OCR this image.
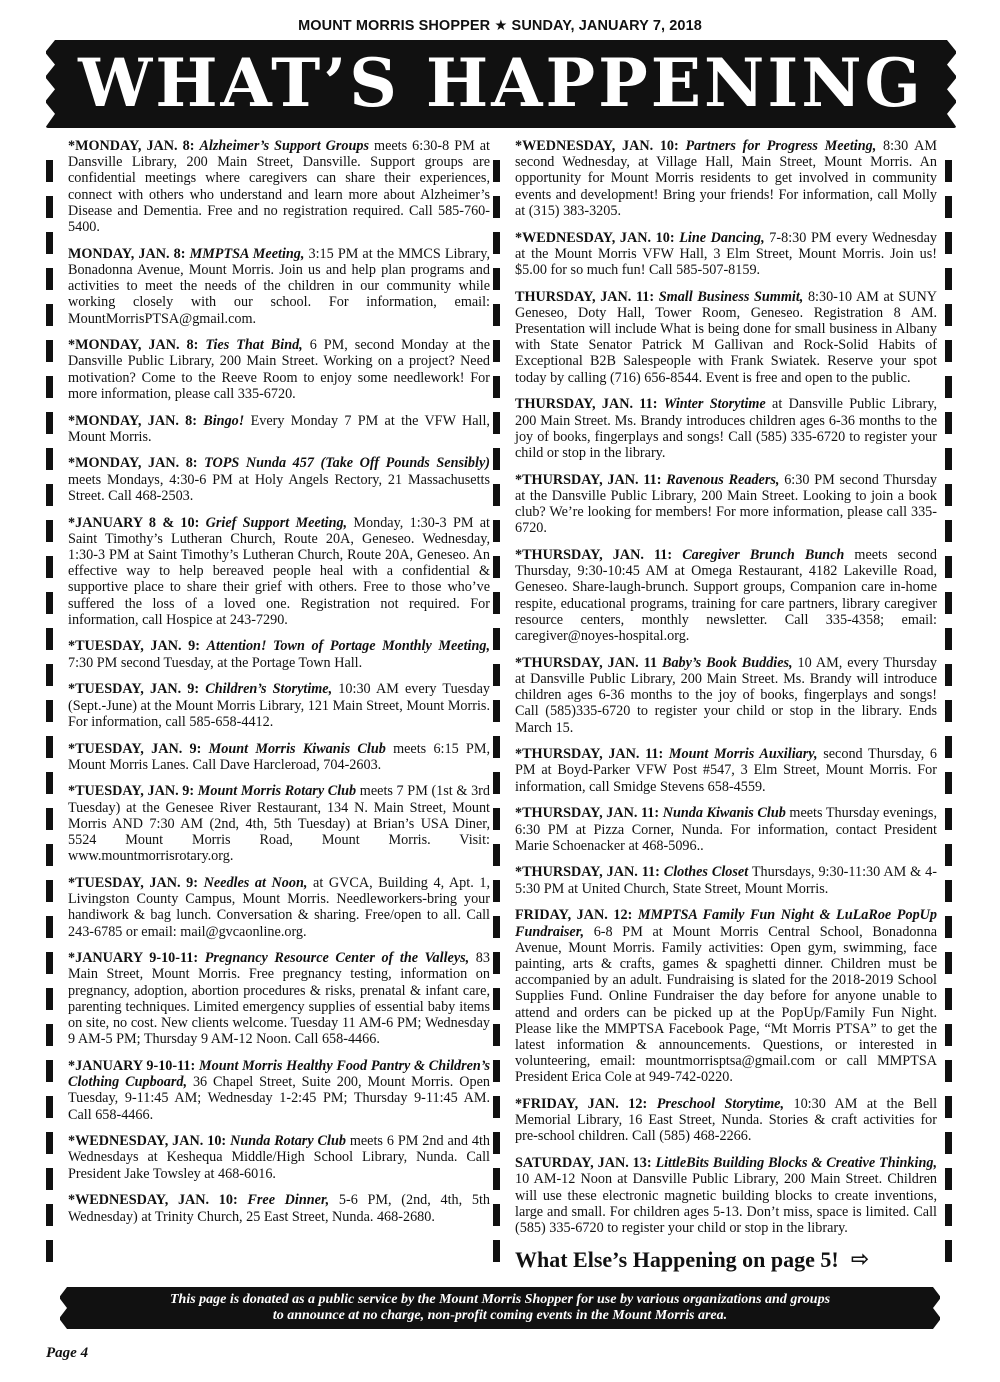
MOUNT MORRIS SHOPPER ★ SUNDAY, JANUARY 7, 2018
WHAT’S HAPPENING
*MONDAY, JAN. 8: Alzheimer’s Support Groups meets 6:30-8 PM at Dansville Library, 200 Main Street, Dansville. Support groups are confidential meetings where caregivers can share their experiences, connect with others who understand and learn more about Alzheimer’s Disease and Dementia. Free and no registration required. Call 585-760-5400.
MONDAY, JAN. 8: MMPTSA Meeting, 3:15 PM at the MMCS Library, Bonadonna Avenue, Mount Morris. Join us and help plan programs and activities to meet the needs of the children in our community while working closely with our school. For information, email: MountMorrisPTSA@gmail.com.
*MONDAY, JAN. 8: Ties That Bind, 6 PM, second Monday at the Dansville Public Library, 200 Main Street. Working on a project? Need motivation? Come to the Reeve Room to enjoy some needlework! For more information, please call 335-6720.
*MONDAY, JAN. 8: Bingo! Every Monday 7 PM at the VFW Hall, Mount Morris.
*MONDAY, JAN. 8: TOPS Nunda 457 (Take Off Pounds Sensibly) meets Mondays, 4:30-6 PM at Holy Angels Rectory, 21 Massachusetts Street. Call 468-2503.
*JANUARY 8 & 10: Grief Support Meeting, Monday, 1:30-3 PM at Saint Timothy’s Lutheran Church, Route 20A, Geneseo. Wednesday, 1:30-3 PM at Saint Timothy’s Lutheran Church, Route 20A, Geneseo. An effective way to help bereaved people heal with a confidential & supportive place to share their grief with others. Free to those who’ve suffered the loss of a loved one. Registration not required. For information, call Hospice at 243-7290.
*TUESDAY, JAN. 9: Attention! Town of Portage Monthly Meeting, 7:30 PM second Tuesday, at the Portage Town Hall.
*TUESDAY, JAN. 9: Children’s Storytime, 10:30 AM every Tuesday (Sept.-June) at the Mount Morris Library, 121 Main Street, Mount Morris. For information, call 585-658-4412.
*TUESDAY, JAN. 9: Mount Morris Kiwanis Club meets 6:15 PM, Mount Morris Lanes. Call Dave Harcleroad, 704-2603.
*TUESDAY, JAN. 9: Mount Morris Rotary Club meets 7 PM (1st & 3rd Tuesday) at the Genesee River Restaurant, 134 N. Main Street, Mount Morris AND 7:30 AM (2nd, 4th, 5th Tuesday) at Brian’s USA Diner, 5524 Mount Morris Road, Mount Morris. Visit: www.mountmorrisrotary.org.
*TUESDAY, JAN. 9: Needles at Noon, at GVCA, Building 4, Apt. 1, Livingston County Campus, Mount Morris. Needleworkers-bring your handiwork & bag lunch. Conversation & sharing. Free/open to all. Call 243-6785 or email: mail@gvcaonline.org.
*JANUARY 9-10-11: Pregnancy Resource Center of the Valleys, 83 Main Street, Mount Morris. Free pregnancy testing, information on pregnancy, adoption, abortion procedures & risks, prenatal & infant care, parenting techniques. Limited emergency supplies of essential baby items on site, no cost. New clients welcome. Tuesday 11 AM-6 PM; Wednesday 9 AM-5 PM; Thursday 9 AM-12 Noon. Call 658-4466.
*JANUARY 9-10-11: Mount Morris Healthy Food Pantry & Children’s Clothing Cupboard, 36 Chapel Street, Suite 200, Mount Morris. Open Tuesday, 9-11:45 AM; Wednesday 1-2:45 PM; Thursday 9-11:45 AM. Call 658-4466.
*WEDNESDAY, JAN. 10: Nunda Rotary Club meets 6 PM 2nd and 4th Wednesdays at Keshequa Middle/High School Library, Nunda. Call President Jake Towsley at 468-6016.
*WEDNESDAY, JAN. 10: Free Dinner, 5-6 PM, (2nd, 4th, 5th Wednesday) at Trinity Church, 25 East Street, Nunda. 468-2680.
*WEDNESDAY, JAN. 10: Partners for Progress Meeting, 8:30 AM second Wednesday, at Village Hall, Main Street, Mount Morris. An opportunity for Mount Morris residents to get involved in community events and development! Bring your friends! For information, call Molly at (315) 383-3205.
*WEDNESDAY, JAN. 10: Line Dancing, 7-8:30 PM every Wednesday at the Mount Morris VFW Hall, 3 Elm Street, Mount Morris. Join us! $5.00 for so much fun! Call 585-507-8159.
THURSDAY, JAN. 11: Small Business Summit, 8:30-10 AM at SUNY Geneseo, Doty Hall, Tower Room, Geneseo. Registration 8 AM. Presentation will include What is being done for small business in Albany with State Senator Patrick M Gallivan and Rock-Solid Habits of Exceptional B2B Salespeople with Frank Swiatek. Reserve your spot today by calling (716) 656-8544. Event is free and open to the public.
THURSDAY, JAN. 11: Winter Storytime at Dansville Public Library, 200 Main Street. Ms. Brandy introduces children ages 6-36 months to the joy of books, fingerplays and songs! Call (585) 335-6720 to register your child or stop in the library.
*THURSDAY, JAN. 11: Ravenous Readers, 6:30 PM second Thursday at the Dansville Public Library, 200 Main Street. Looking to join a book club? We’re looking for members! For more information, please call 335-6720.
*THURSDAY, JAN. 11: Caregiver Brunch Bunch meets second Thursday, 9:30-10:45 AM at Omega Restaurant, 4182 Lakeville Road, Geneseo. Share-laugh-brunch. Support groups, Companion care in-home respite, educational programs, training for care partners, library caregiver resource centers, monthly newsletter. Call 335-4358; email: caregiver@noyes-hospital.org.
*THURSDAY, JAN. 11 Baby’s Book Buddies, 10 AM, every Thursday at Dansville Public Library, 200 Main Street. Ms. Brandy will introduce children ages 6-36 months to the joy of books, fingerplays and songs! Call (585)335-6720 to register your child or stop in the library. Ends March 15.
*THURSDAY, JAN. 11: Mount Morris Auxiliary, second Thursday, 6 PM at Boyd-Parker VFW Post #547, 3 Elm Street, Mount Morris. For information, call Smidge Stevens 658-4559.
*THURSDAY, JAN. 11: Nunda Kiwanis Club meets Thursday evenings, 6:30 PM at Pizza Corner, Nunda. For information, contact President Marie Schoenacker at 468-5096..
*THURSDAY, JAN. 11: Clothes Closet Thursdays, 9:30-11:30 AM & 4-5:30 PM at United Church, State Street, Mount Morris.
FRIDAY, JAN. 12: MMPTSA Family Fun Night & LuLaRoe PopUp Fundraiser, 6-8 PM at Mount Morris Central School, Bonadonna Avenue, Mount Morris. Family activities: Open gym, swimming, face painting, arts & crafts, games & spaghetti dinner. Children must be accompanied by an adult. Fundraising is slated for the 2018-2019 School Supplies Fund. Online Fundraiser the day before for anyone unable to attend and orders can be picked up at the PopUp/Family Fun Night. Please like the MMPTSA Facebook Page, “Mt Morris PTSA” to get the latest information & announcements. Questions, or interested in volunteering, email: mountmorrisptsa@gmail.com or call MMPTSA President Erica Cole at 949-742-0220.
*FRIDAY, JAN. 12: Preschool Storytime, 10:30 AM at the Bell Memorial Library, 16 East Street, Nunda. Stories & craft activities for pre-school children. Call (585) 468-2266.
SATURDAY, JAN. 13: LittleBits Building Blocks & Creative Thinking, 10 AM-12 Noon at Dansville Public Library, 200 Main Street. Children will use these electronic magnetic building blocks to create inventions, large and small. For children ages 5-13. Don’t miss, space is limited. Call (585) 335-6720 to register your child or stop in the library.
What Else’s Happening on page 5! ⇨
This page is donated as a public service by the Mount Morris Shopper for use by various organizations and groups
to announce at no charge, non-profit coming events in the Mount Morris area.
Page 4
